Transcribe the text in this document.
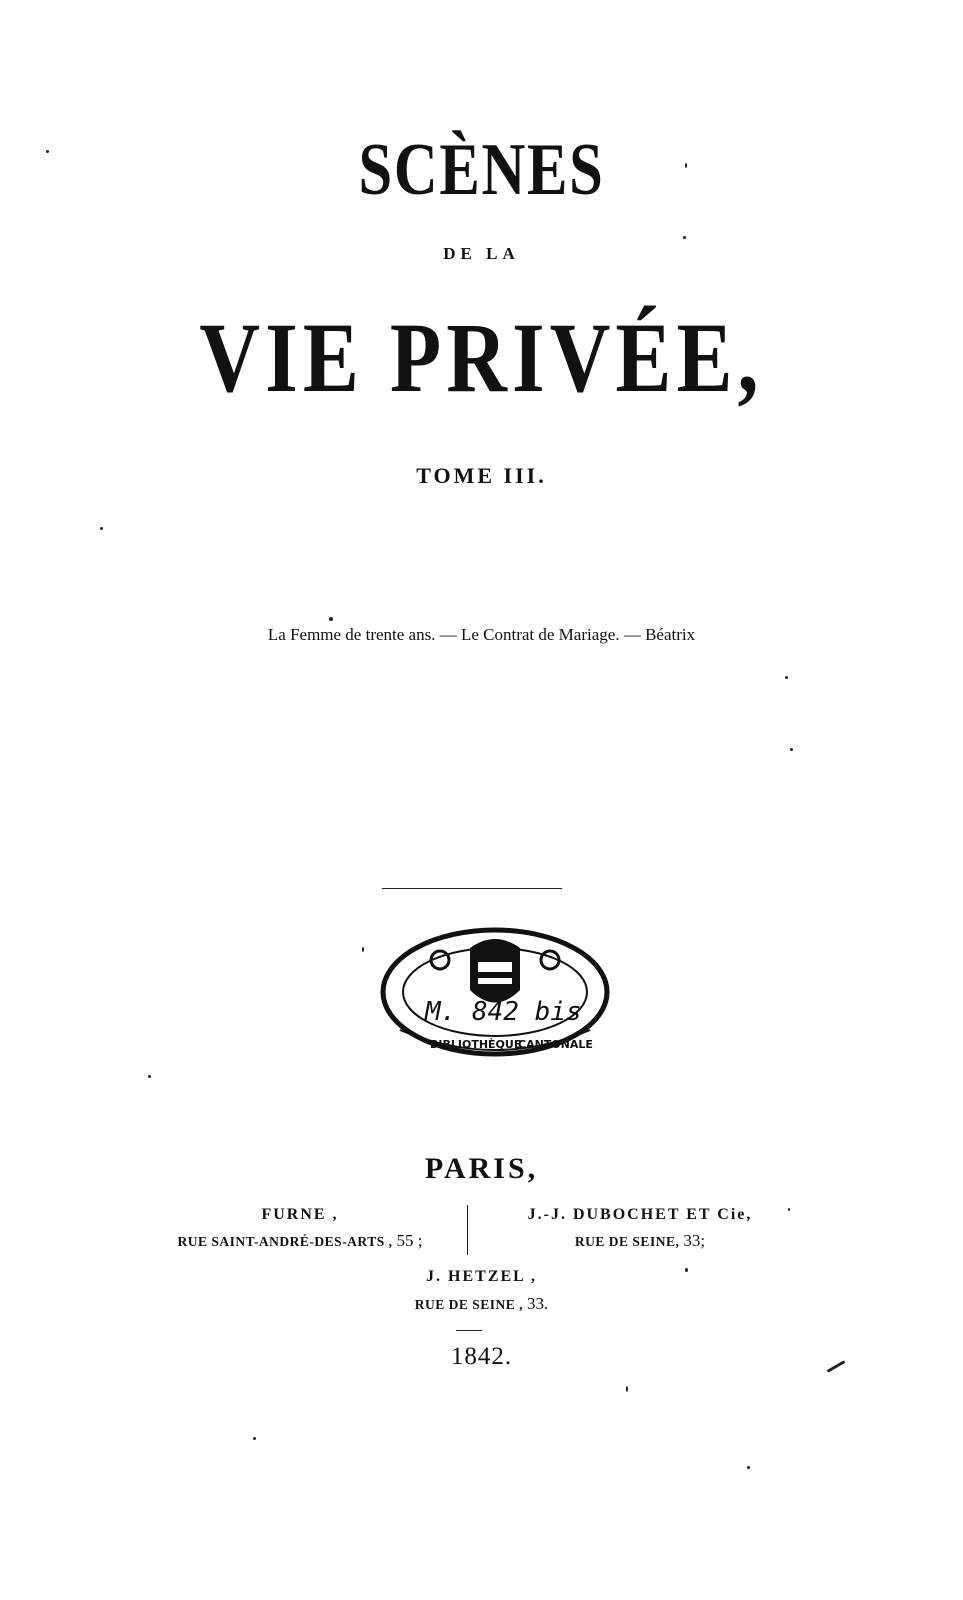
SCÈNES
DE LA
VIE PRIVÉE,
TOME III.
La Femme de trente ans. — Le Contrat de Mariage. — Béatrix
M. 842 bis
BIBLIOTHÈQUE
CANTONALE
PARIS,
FURNE ,
RUE SAINT-ANDRÉ-DES-ARTS , 55 ;
J.-J. DUBOCHET ET Cie,
RUE DE SEINE, 33;
J. HETZEL ,
RUE DE SEINE , 33.
1842.
